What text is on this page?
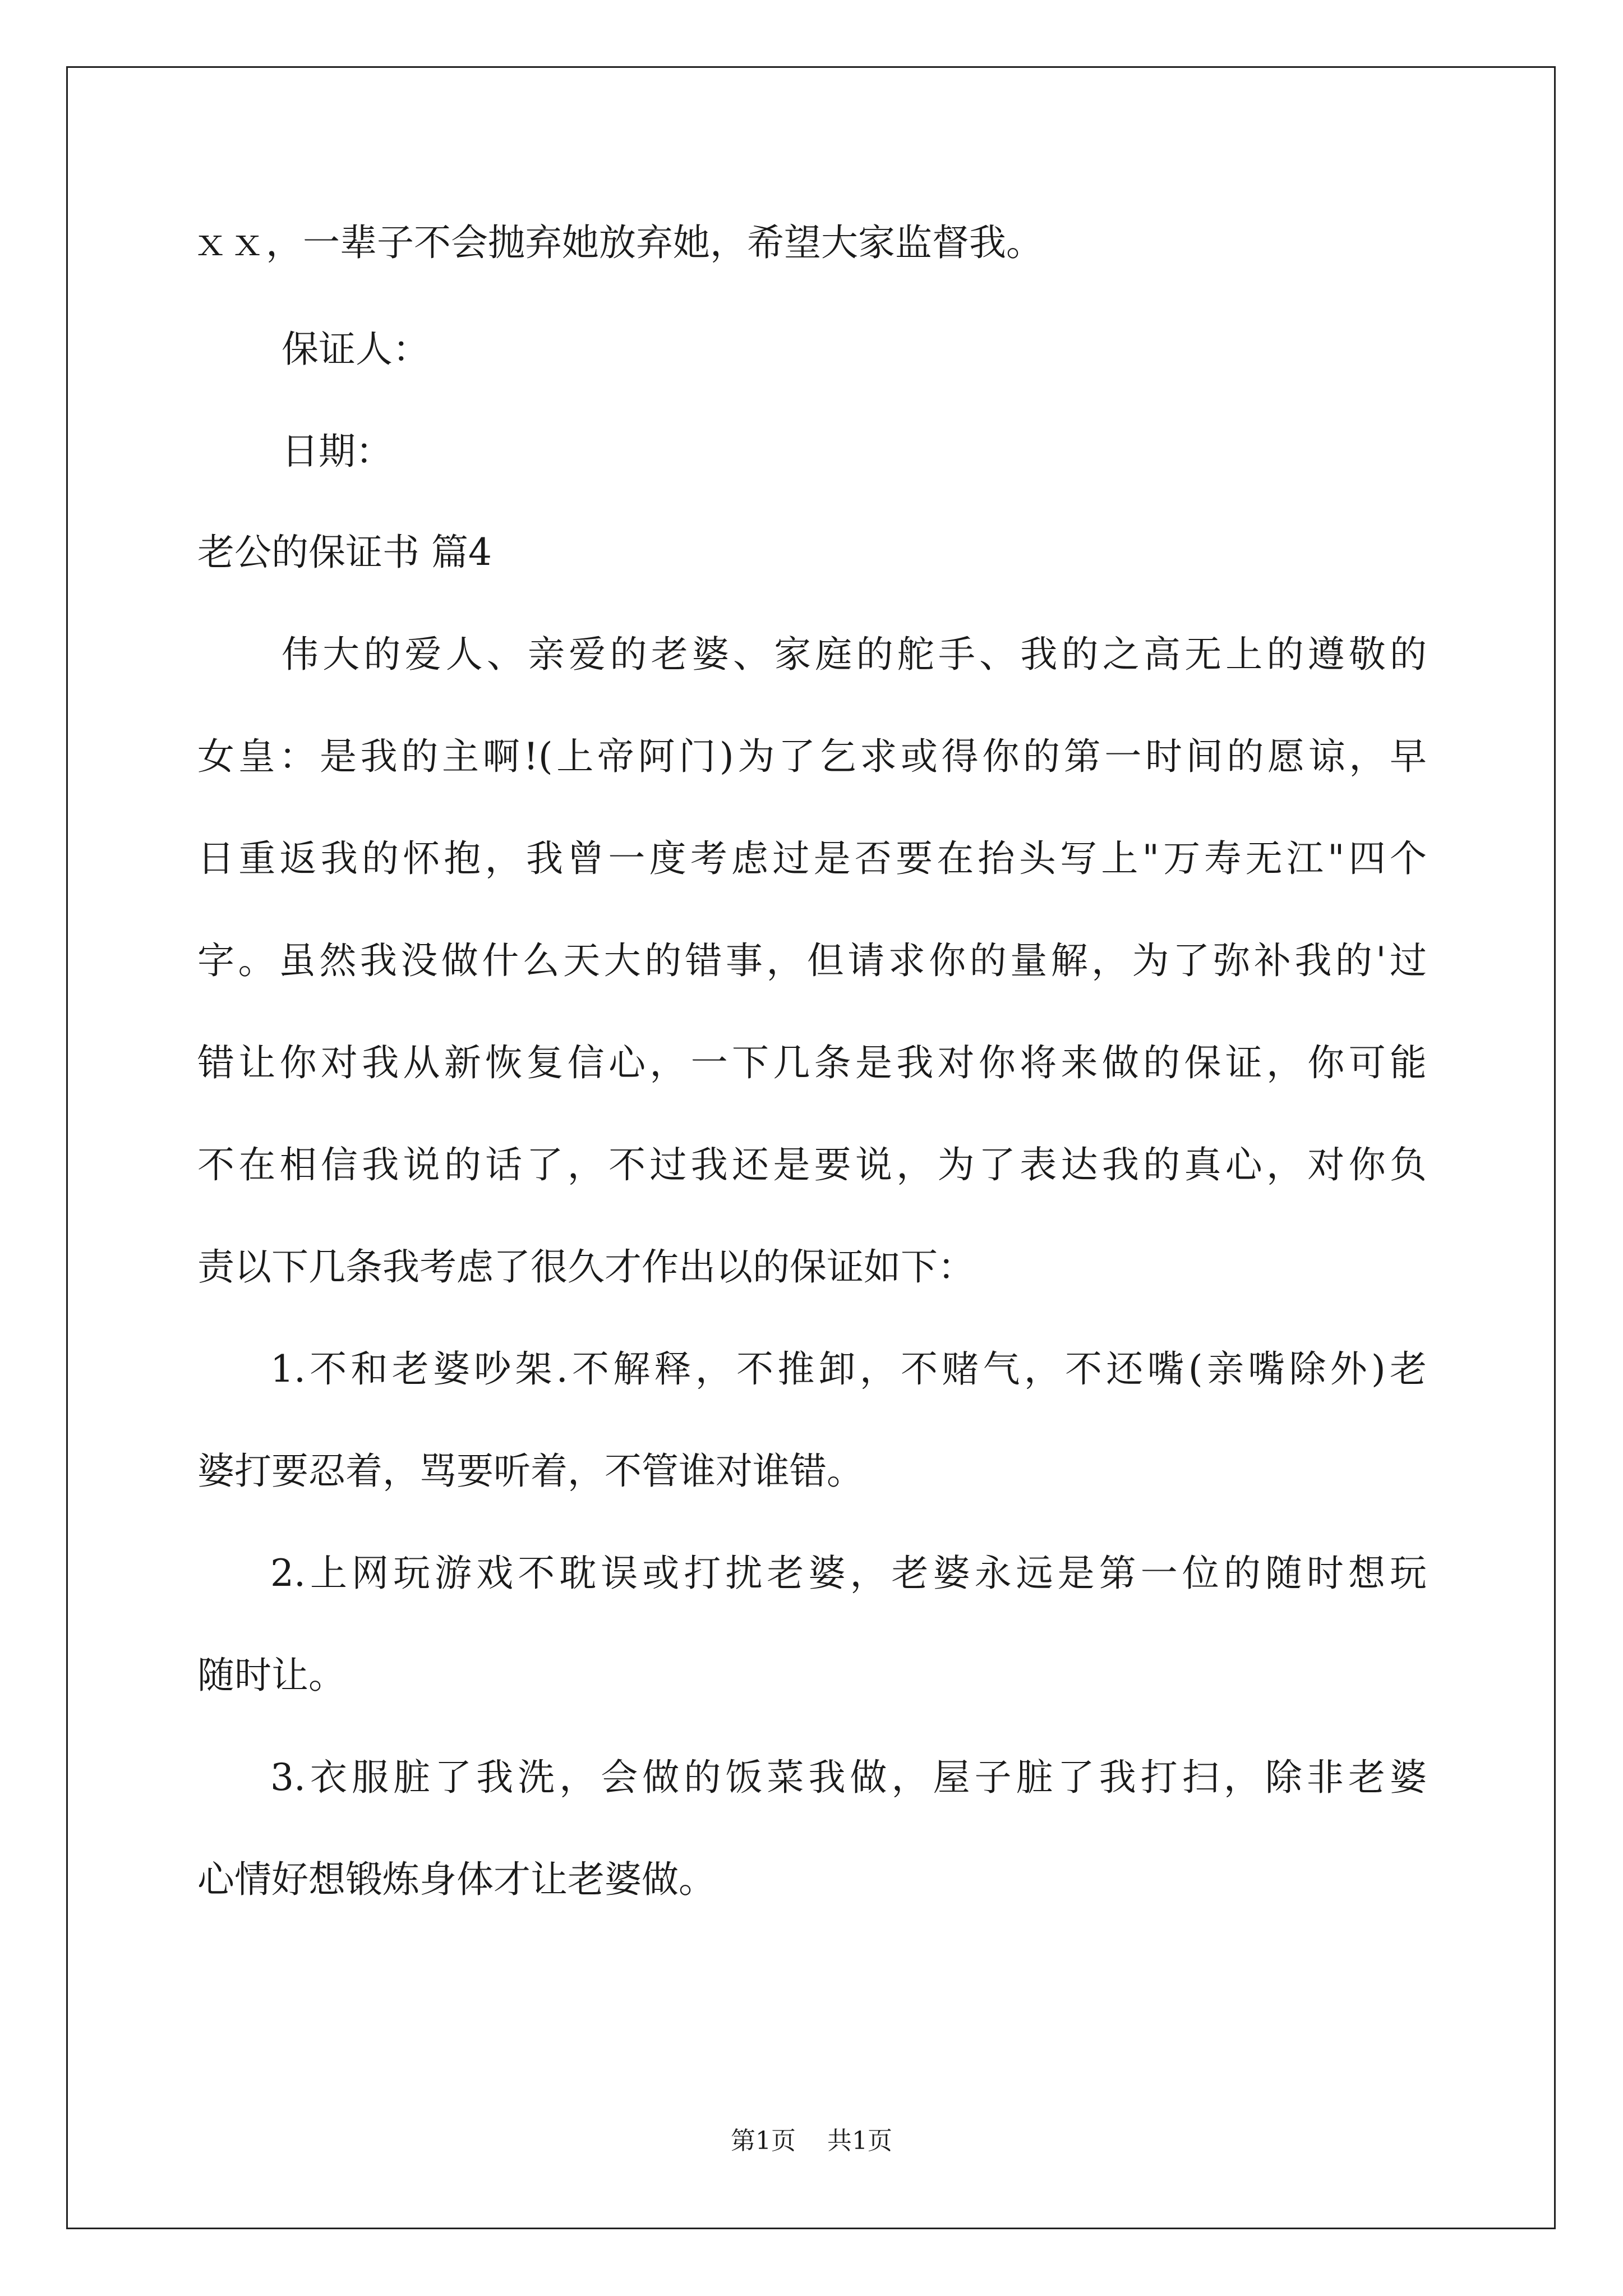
ｘｘ，一辈子不会抛弃她放弃她，希望大家监督我。
保证人：
日期：
老公的保证书 篇4
伟大的爱人、亲爱的老婆、家庭的舵手、我的之高无上的遵敬的
女皇：是我的主啊!(上帝阿门)为了乞求或得你的第一时间的愿谅，早
日重返我的怀抱，我曾一度考虑过是否要在抬头写上"万寿无江"四个
字。虽然我没做什么天大的错事，但请求你的量解，为了弥补我的'过
错让你对我从新恢复信心，一下几条是我对你将来做的保证，你可能
不在相信我说的话了，不过我还是要说，为了表达我的真心，对你负
责以下几条我考虑了很久才作出以的保证如下：
1.不和老婆吵架.不解释，不推卸，不赌气，不还嘴(亲嘴除外)老
婆打要忍着，骂要听着，不管谁对谁错。
2.上网玩游戏不耽误或打扰老婆，老婆永远是第一位的随时想玩
随时让。
3.衣服脏了我洗，会做的饭菜我做，屋子脏了我打扫，除非老婆
心情好想锻炼身体才让老婆做。
第1页 共1页
